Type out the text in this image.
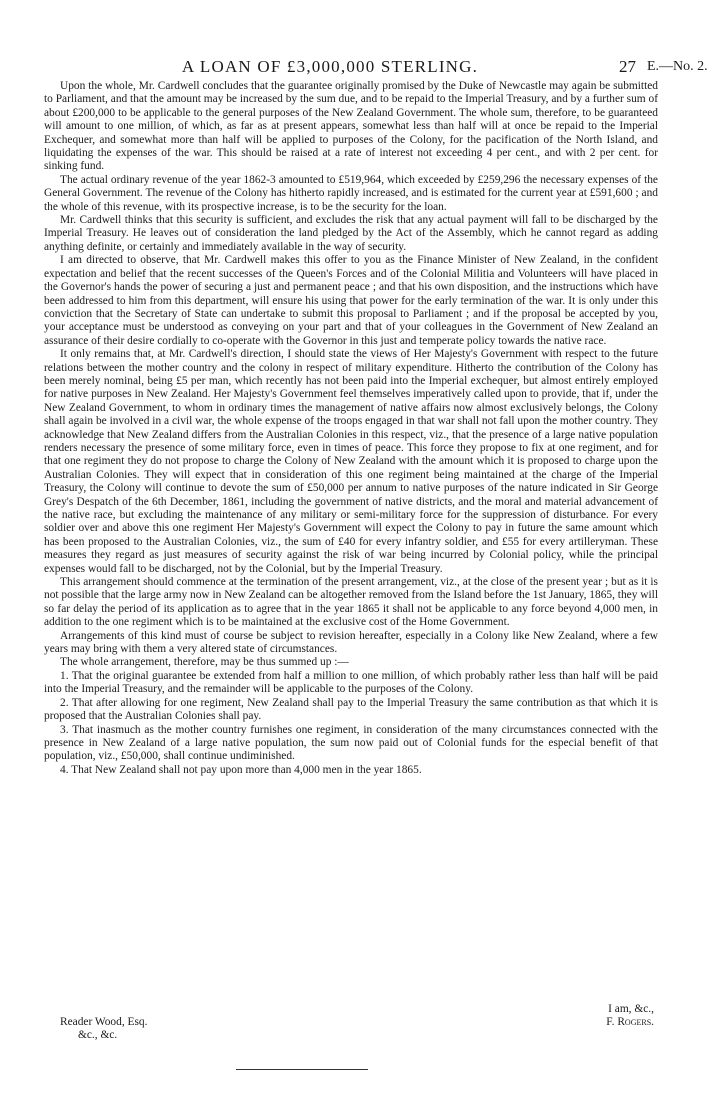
A LOAN OF £3,000,000 STERLING.	27 E.—No. 2.

Upon the whole, Mr. Cardwell concludes that the guarantee originally promised by the Duke of Newcastle may again be submitted to Parliament, and that the amount may be increased by the sum due, and to be repaid to the Imperial Treasury, and by a further sum of about £200,000 to be applicable to the general purposes of the New Zealand Government. The whole sum, therefore, to be guaranteed will amount to one million, of which, as far as at present appears, somewhat less than half will at once be repaid to the Imperial Exchequer, and somewhat more than half will be applied to purposes of the Colony, for the pacification of the North Island, and liquidating the expenses of the war. This should be raised at a rate of interest not exceeding 4 per cent., and with 2 per cent. for sinking fund.

The actual ordinary revenue of the year 1862-3 amounted to £519,964, which exceeded by £259,296 the necessary expenses of the General Government. The revenue of the Colony has hitherto rapidly increased, and is estimated for the current year at £591,600 ; and the whole of this revenue, with its prospective increase, is to be the security for the loan.

Mr. Cardwell thinks that this security is sufficient, and excludes the risk that any actual payment will fall to be discharged by the Imperial Treasury. He leaves out of consideration the land pledged by the Act of the Assembly, which he cannot regard as adding anything definite, or certainly and immediately available in the way of security.

I am directed to observe, that Mr. Cardwell makes this offer to you as the Finance Minister of New Zealand, in the confident expectation and belief that the recent successes of the Queen's Forces and of the Colonial Militia and Volunteers will have placed in the Governor's hands the power of securing a just and permanent peace ; and that his own disposition, and the instructions which have been addressed to him from this department, will ensure his using that power for the early termination of the war. It is only under this conviction that the Secretary of State can undertake to submit this proposal to Parliament ; and if the proposal be accepted by you, your acceptance must be understood as conveying on your part and that of your colleagues in the Government of New Zealand an assurance of their desire cordially to co-operate with the Governor in this just and temperate policy towards the native race.

It only remains that, at Mr. Cardwell's direction, I should state the views of Her Majesty's Government with respect to the future relations between the mother country and the colony in respect of military expenditure. Hitherto the contribution of the Colony has been merely nominal, being £5 per man, which recently has not been paid into the Imperial exchequer, but almost entirely employed for native purposes in New Zealand. Her Majesty's Government feel themselves imperatively called upon to provide, that if, under the New Zealand Government, to whom in ordinary times the management of native affairs now almost exclusively belongs, the Colony shall again be involved in a civil war, the whole expense of the troops engaged in that war shall not fall upon the mother country. They acknowledge that New Zealand differs from the Australian Colonies in this respect, viz., that the presence of a large native population renders necessary the presence of some military force, even in times of peace. This force they propose to fix at one regiment, and for that one regiment they do not propose to charge the Colony of New Zealand with the amount which it is proposed to charge upon the Australian Colonies. They will expect that in consideration of this one regiment being maintained at the charge of the Imperial Treasury, the Colony will continue to devote the sum of £50,000 per annum to native purposes of the nature indicated in Sir George Grey's Despatch of the 6th December, 1861, including the government of native districts, and the moral and material advancement of the native race, but excluding the maintenance of any military or semi-military force for the suppression of disturbance. For every soldier over and above this one regiment Her Majesty's Government will expect the Colony to pay in future the same amount which has been proposed to the Australian Colonies, viz., the sum of £40 for every infantry soldier, and £55 for every artilleryman. These measures they regard as just measures of security against the risk of war being incurred by Colonial policy, while the principal expenses would fall to be discharged, not by the Colonial, but by the Imperial Treasury.

This arrangement should commence at the termination of the present arrangement, viz., at the close of the present year ; but as it is not possible that the large army now in New Zealand can be altogether removed from the Island before the 1st January, 1865, they will so far delay the period of its application as to agree that in the year 1865 it shall not be applicable to any force beyond 4,000 men, in addition to the one regiment which is to be maintained at the exclusive cost of the Home Government.

Arrangements of this kind must of course be subject to revision hereafter, especially in a Colony like New Zealand, where a few years may bring with them a very altered state of circumstances.

The whole arrangement, therefore, may be thus summed up :—

1. That the original guarantee be extended from half a million to one million, of which probably rather less than half will be paid into the Imperial Treasury, and the remainder will be applicable to the purposes of the Colony.

2. That after allowing for one regiment, New Zealand shall pay to the Imperial Treasury the same contribution as that which it is proposed that the Australian Colonies shall pay.

3. That inasmuch as the mother country furnishes one regiment, in consideration of the many circumstances connected with the presence in New Zealand of a large native population, the sum now paid out of Colonial funds for the especial benefit of that population, viz., £50,000, shall continue undiminished.

4. That New Zealand shall not pay upon more than 4,000 men in the year 1865.

I am, &c.,
F. Rogers.
Reader Wood, Esq.
&c., &c.
